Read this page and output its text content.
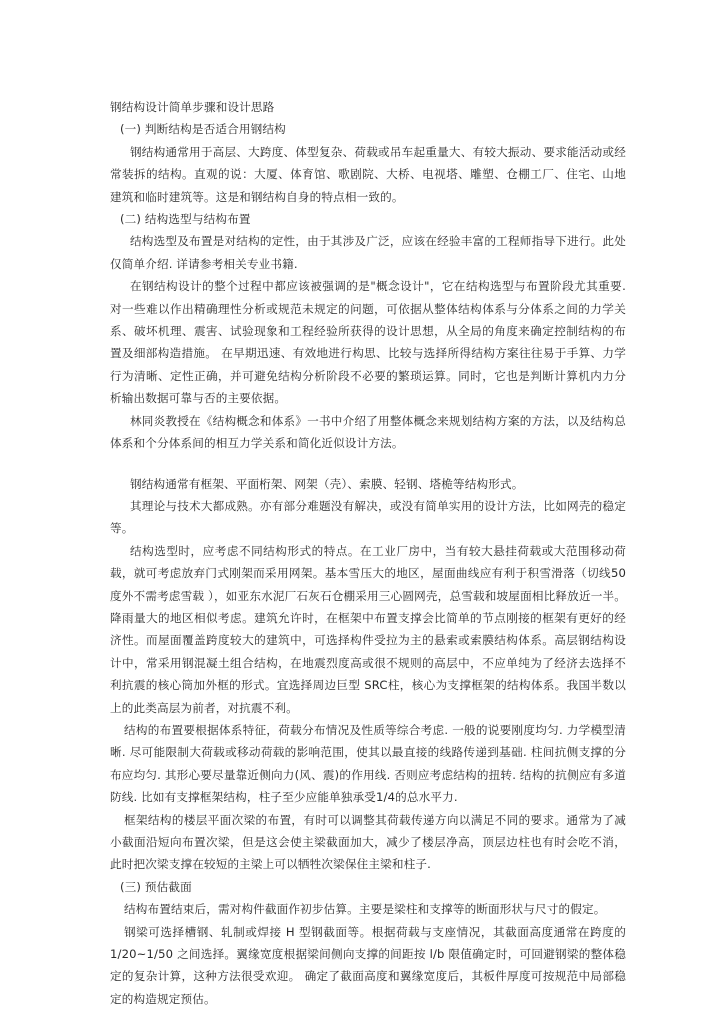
钢结构设计简单步骤和设计思路

(一) 判断结构是否适合用钢结构

钢结构通常用于高层、大跨度、体型复杂、荷载或吊车起重量大、有较大振动、要求能活动或经常装拆的结构。直观的说：大厦、体育馆、歌剧院、大桥、电视塔、雕塑、仓棚工厂、住宅、山地建筑和临时建筑等。这是和钢结构自身的特点相一致的。

(二) 结构选型与结构布置

结构选型及布置是对结构的定性，由于其涉及广泛，应该在经验丰富的工程师指导下进行。此处仅简单介绍. 详请参考相关专业书籍.

在钢结构设计的整个过程中都应该被强调的是"概念设计"，它在结构选型与布置阶段尤其重要. 对一些难以作出精确理性分析或规范未规定的问题，可依据从整体结构体系与分体系之间的力学关系、破坏机理、震害、试验现象和工程经验所获得的设计思想，从全局的角度来确定控制结构的布置及细部构造措施。 在早期迅速、有效地进行构思、比较与选择所得结构方案往往易于手算、力学行为清晰、定性正确，并可避免结构分析阶段不必要的繁琐运算。同时，它也是判断计算机内力分析输出数据可靠与否的主要依据。

林同炎教授在《结构概念和体系》一书中介绍了用整体概念来规划结构方案的方法，以及结构总体系和个分体系间的相互力学关系和简化近似设计方法。

钢结构通常有框架、平面桁架、网架（壳）、索膜、轻钢、塔桅等结构形式。

其理论与技术大都成熟。亦有部分难题没有解决，或没有简单实用的设计方法，比如网壳的稳定等。

结构选型时，应考虑不同结构形式的特点。在工业厂房中，当有较大悬挂荷载或大范围移动荷载，就可考虑放弃门式刚架而采用网架。基本雪压大的地区，屋面曲线应有利于积雪滑落（切线50度外不需考虑雪载 ），如亚东水泥厂石灰石仓棚采用三心圆网壳，总雪载和坡屋面相比释放近一半。降雨量大的地区相似考虑。建筑允许时，在框架中布置支撑会比简单的节点刚接的框架有更好的经济性。而屋面覆盖跨度较大的建筑中，可选择构件受拉为主的悬索或索膜结构体系。高层钢结构设计中，常采用钢混凝土组合结构，在地震烈度高或很不规则的高层中，不应单纯为了经济去选择不利抗震的核心筒加外框的形式。宜选择周边巨型 SRC柱，核心为支撑框架的结构体系。我国半数以上的此类高层为前者，对抗震不利。

结构的布置要根据体系特征，荷载分布情况及性质等综合考虑. 一般的说要刚度均匀. 力学模型清晰. 尽可能限制大荷载或移动荷载的影响范围，使其以最直接的线路传递到基础. 柱间抗侧支撑的分布应均匀. 其形心要尽量靠近侧向力(风、震)的作用线. 否则应考虑结构的扭转. 结构的抗侧应有多道防线. 比如有支撑框架结构，柱子至少应能单独承受1/4的总水平力.

框架结构的楼层平面次梁的布置，有时可以调整其荷载传递方向以满足不同的要求。通常为了减小截面沿短向布置次梁，但是这会使主梁截面加大，减少了楼层净高，顶层边柱也有时会吃不消，此时把次梁支撑在较短的主梁上可以牺牲次梁保住主梁和柱子.

(三) 预估截面

结构布置结束后，需对构件截面作初步估算。主要是梁柱和支撑等的断面形状与尺寸的假定。

钢梁可选择槽钢、轧制或焊接 H 型钢截面等。根据荷载与支座情况，其截面高度通常在跨度的 1/20~1/50 之间选择。翼缘宽度根据梁间侧向支撑的间距按 l/b 限值确定时，可回避钢梁的整体稳定的复杂计算，这种方法很受欢迎。 确定了截面高度和翼缘宽度后，其板件厚度可按规范中局部稳定的构造规定预估。
